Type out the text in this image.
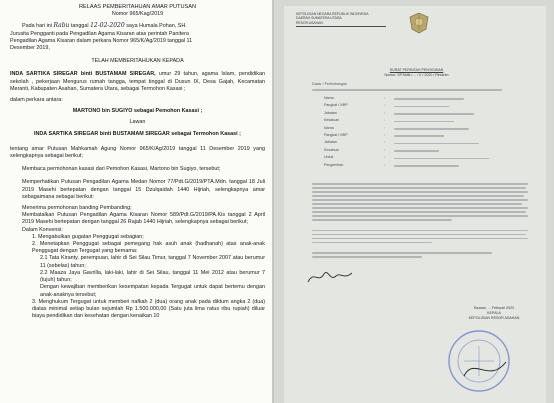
RELAAS PEMBERITAHUAN AMAR PUTUSAN

Nomor 965/Kag/2019

Pada hari ini Rabu tanggal 12-02-2020 saya Humala Pohan, SH.

Jurusita Pengganti pada Pengadilan Agama Kisaran atas perintah Panitera

Pengadilan Agama Kisaran dalam perkara Nomor 965/K/Ag/2019 tanggal 11

Desember 2019,

TELAH MEMBERITAHUKAN KEPADA

INDA SARTIKA SIREGAR binti BUSTAMAM SIREGAR, umur 29 tahun, agama Islam, pendidikan sekolah , pekerjaan Mengurus rumah tangga, tempat tinggal di Dusun IX, Desa Gajah, Kecamatan Meranti, Kabupaten Asahan, Sumatera Utara, sebagai Termohon Kasasi ;

dalam perkara antara:

MARTONO bin SUGIYO sebagai Pemohon Kasasi ;

Lawan

INDA SARTIKA SIREGAR binti BUSTAMAM SIREGAR sebagai Termohon Kasasi ;

tentang amar Putusan Mahkamah Agung Nomor 965/K/Ag/2019 tanggal 11 Desember 2019 yang selengkapnya sebagai berikut;

Membaca permohonan kasasi dari Pemohon Kasasi, Martono bin Sugiyo, tersebut;

Memperhatikan Putusan Pengadilan Agama Medan Nomor 77/Pdt.G/2019/PTA.Mdn. tanggal 18 Juli 2019 Masehi bertepatan dengan tanggal 15 Dzulqaidah 1440 Hijriah, selengkapnya amar sebagaimana sebagai berikut:

Menerima permohonan banding Pembanding;

Membatalkan Putusan Pengadilan Agama Kisaran Nomor 589/Pdt.G/2019/PA.Kis tanggal 2 April 2019 Masehi bertepatan dengan tanggal 26 Rajab 1440 Hijriah, selengkapnya sebagai berikut;

Dalam Konvensi:

1. Mengabulkan gugatan Penggugat sebagian;

2. Menetapkan Penggugat sebagai pemegang hak asuh anak (hadhanah) atas anak-anak Penggugat dengan Tergugat yang bernama:

2.1 Tata Kiranty, perempuan, lahir di Sei Silau Timur, tanggal 7 November 2007 atau berumur 11 (sebelas) tahun;

2.2 Maaza Jaya Gavrilla, laki-laki, lahir di Sei Silau, tanggal 11 Mei 2012 atau berumur 7 (tujuh) tahun;

Dengan kewajiban memberikan kesempatan kepada Tergugat untuk dapat bertemu dengan anak-anaknya tersebut;

3. Menghukum Tergugat untuk memberi nafkah 2 (dua) orang anak pada diktum angka 2 (dua) diatas minimal setiap bulan sejumlah Rp 1.500.000,00 (Satu juta lima ratus ribu rupiah) diluar biaya pendidikan dan kesehatan dengan kenaikan 10

KEPOLISIAN NEGARA REPUBLIK INDONESIA
DAERAH SUMATERA UTARA
RESOR ASAHAN
SURAT PERINTAH PENYIDIKAN
Nomor: SP.Sidik / ... / II / 2020 / Reskrim
Dasar / Pertimbangan
Nama	:
Pangkat / NRP	:
Jabatan	:
Kesatuan	:
Nama	:
Pangkat / NRP	:
Jabatan	:
Kesatuan	:
Untuk	:
Pengemban	:
Kisaran, ... Februari 2020
KEPALA
KEPOLISIAN RESOR ASAHAN
